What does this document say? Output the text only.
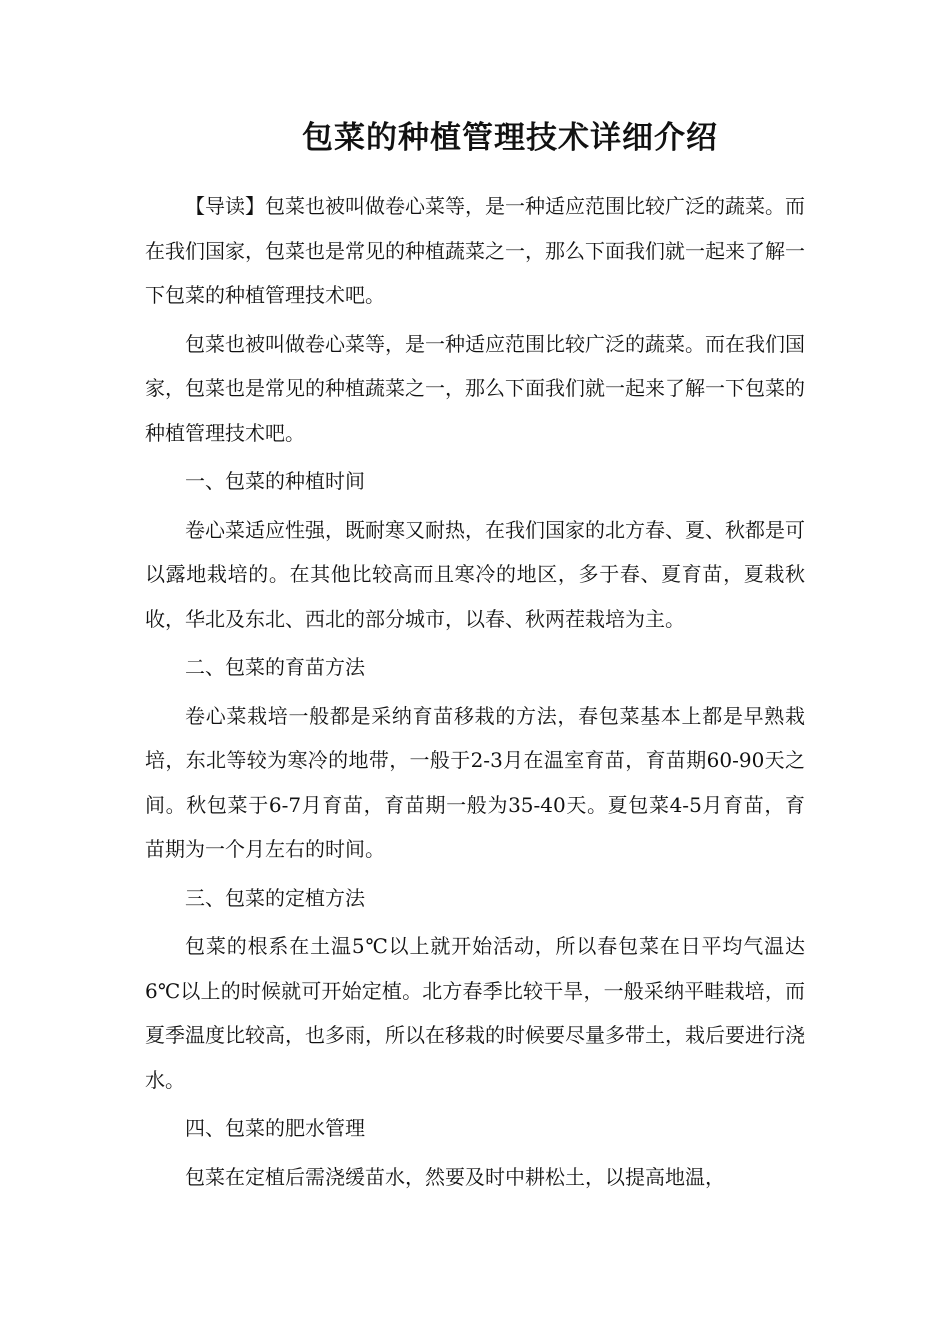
包菜的种植管理技术详细介绍

【导读】包菜也被叫做卷心菜等，是一种适应范围比较广泛的蔬菜。而在我们国家，包菜也是常见的种植蔬菜之一，那么下面我们就一起来了解一下包菜的种植管理技术吧。

包菜也被叫做卷心菜等，是一种适应范围比较广泛的蔬菜。而在我们国家，包菜也是常见的种植蔬菜之一，那么下面我们就一起来了解一下包菜的种植管理技术吧。

一、包菜的种植时间

卷心菜适应性强，既耐寒又耐热，在我们国家的北方春、夏、秋都是可以露地栽培的。在其他比较高而且寒冷的地区，多于春、夏育苗，夏栽秋收，华北及东北、西北的部分城市，以春、秋两茬栽培为主。

二、包菜的育苗方法

卷心菜栽培一般都是采纳育苗移栽的方法，春包菜基本上都是早熟栽培，东北等较为寒冷的地带，一般于2-3月在温室育苗，育苗期60-90天之间。秋包菜于6-7月育苗，育苗期一般为35-40天。夏包菜4-5月育苗，育苗期为一个月左右的时间。

三、包菜的定植方法

包菜的根系在土温5℃以上就开始活动，所以春包菜在日平均气温达6℃以上的时候就可开始定植。北方春季比较干旱，一般采纳平畦栽培，而夏季温度比较高，也多雨，所以在移栽的时候要尽量多带土，栽后要进行浇水。

四、包菜的肥水管理

包菜在定植后需浇缓苗水，然要及时中耕松土，以提高地温，
